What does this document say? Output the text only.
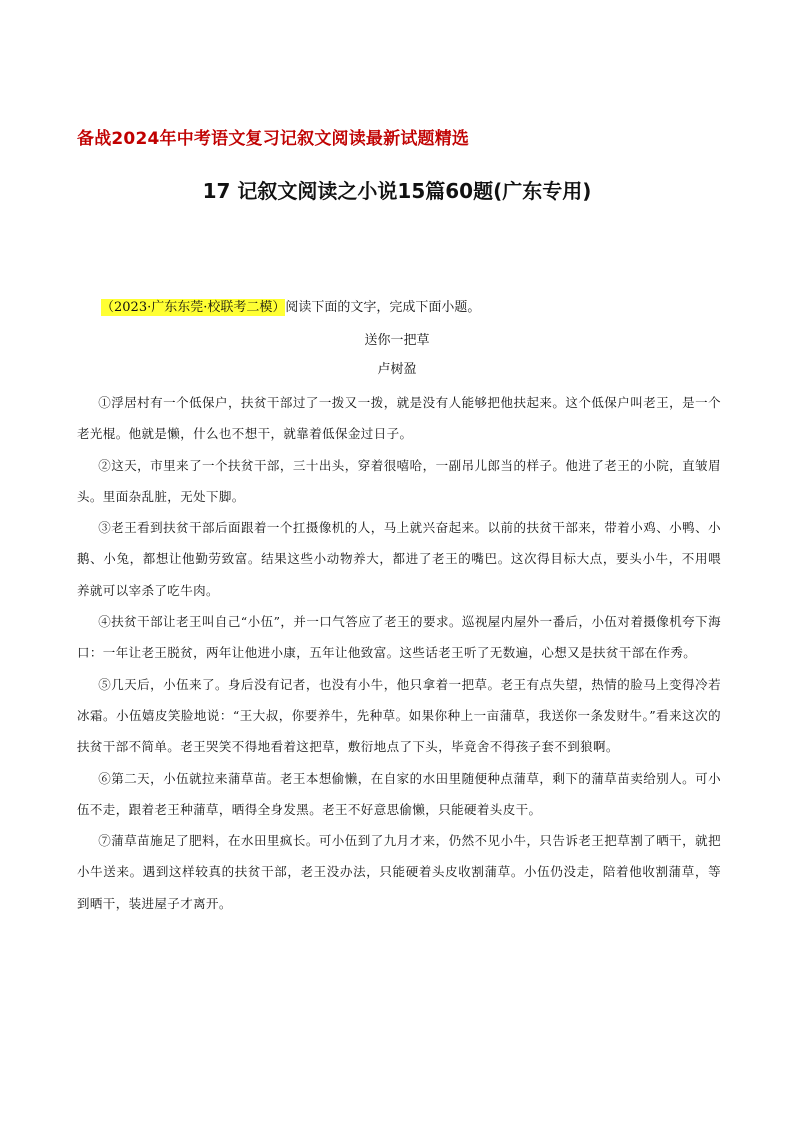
备战2024年中考语文复习记叙文阅读最新试题精选
17 记叙文阅读之小说15篇60题(广东专用)
（2023·广东东莞·校联考二模）阅读下面的文字，完成下面小题。
送你一把草
卢树盈

①浮居村有一个低保户，扶贫干部过了一拨又一拨，就是没有人能够把他扶起来。这个低保户叫老王，是一个老光棍。他就是懒，什么也不想干，就靠着低保金过日子。

②这天，市里来了一个扶贫干部，三十出头，穿着很嘻哈，一副吊儿郎当的样子。他进了老王的小院，直皱眉头。里面杂乱脏，无处下脚。

③老王看到扶贫干部后面跟着一个扛摄像机的人，马上就兴奋起来。以前的扶贫干部来，带着小鸡、小鸭、小鹅、小兔，都想让他勤劳致富。结果这些小动物养大，都进了老王的嘴巴。这次得目标大点，要头小牛，不用喂养就可以宰杀了吃牛肉。

④扶贫干部让老王叫自己“小伍”，并一口气答应了老王的要求。巡视屋内屋外一番后，小伍对着摄像机夸下海口：一年让老王脱贫，两年让他进小康，五年让他致富。这些话老王听了无数遍，心想又是扶贫干部在作秀。

⑤几天后，小伍来了。身后没有记者，也没有小牛，他只拿着一把草。老王有点失望，热情的脸马上变得冷若冰霜。小伍嬉皮笑脸地说：“王大叔，你要养牛，先种草。如果你种上一亩蒲草，我送你一条发财牛。”看来这次的扶贫干部不简单。老王哭笑不得地看着这把草，敷衍地点了下头，毕竟舍不得孩子套不到狼啊。

⑥第二天，小伍就拉来蒲草苗。老王本想偷懒，在自家的水田里随便种点蒲草，剩下的蒲草苗卖给别人。可小伍不走，跟着老王种蒲草，晒得全身发黑。老王不好意思偷懒，只能硬着头皮干。

⑦蒲草苗施足了肥料，在水田里疯长。可小伍到了九月才来，仍然不见小牛，只告诉老王把草割了晒干，就把小牛送来。遇到这样较真的扶贫干部，老王没办法，只能硬着头皮收割蒲草。小伍仍没走，陪着他收割蒲草，等到晒干，装进屋子才离开。
